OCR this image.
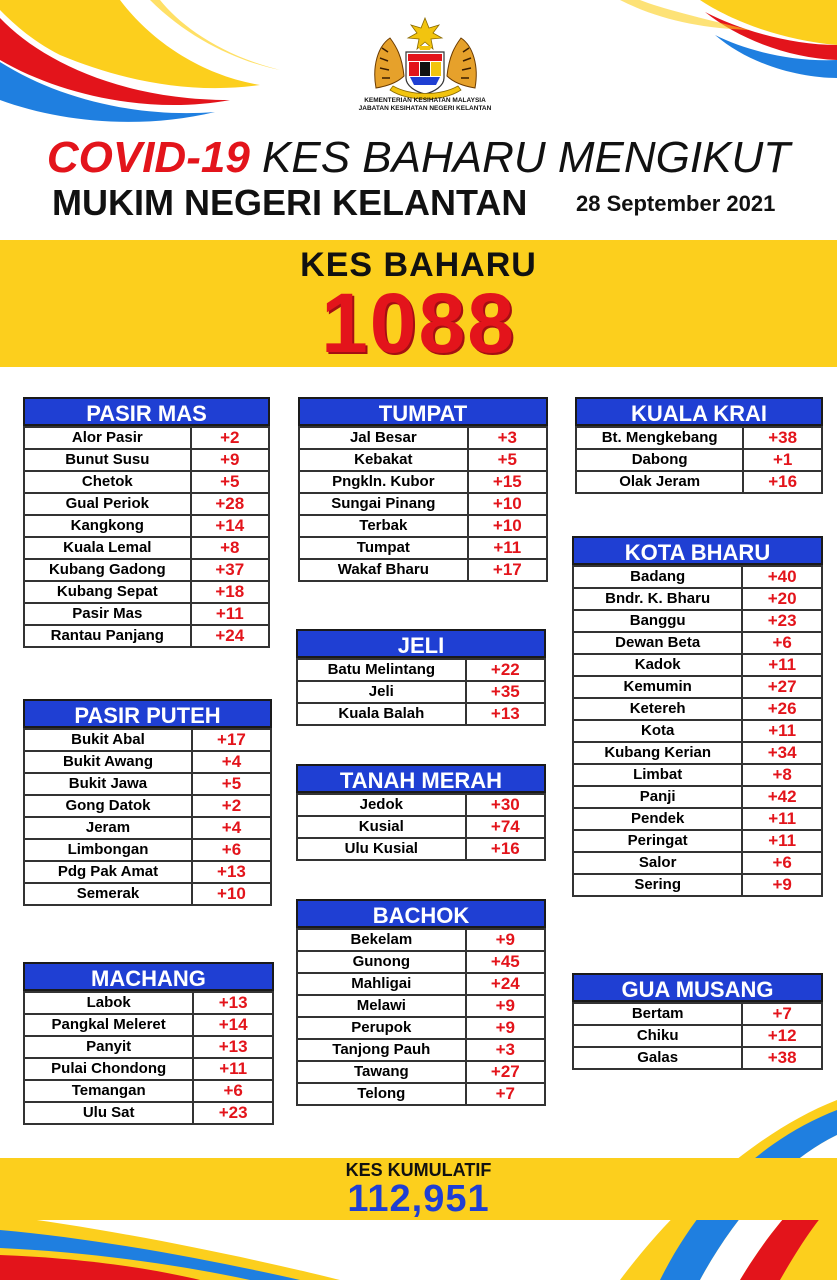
KEMENTERIAN KESIHATAN MALAYSIA
JABATAN KESIHATAN NEGERI KELANTAN
COVID-19 KES BAHARU MENGIKUT
MUKIM NEGERI KELANTAN 28 September 2021
KES BAHARU
1088
PASIR MAS
Alor Pasir	+2
Bunut Susu	+9
Chetok	+5
Gual Periok	+28
Kangkong	+14
Kuala Lemal	+8
Kubang Gadong	+37
Kubang Sepat	+18
Pasir Mas	+11
Rantau Panjang	+24
PASIR PUTEH
Bukit Abal	+17
Bukit Awang	+4
Bukit Jawa	+5
Gong Datok	+2
Jeram	+4
Limbongan	+6
Pdg Pak Amat	+13
Semerak	+10
MACHANG
Labok	+13
Pangkal Meleret	+14
Panyit	+13
Pulai Chondong	+11
Temangan	+6
Ulu Sat	+23
TUMPAT
Jal Besar	+3
Kebakat	+5
Pngkln. Kubor	+15
Sungai Pinang	+10
Terbak	+10
Tumpat	+11
Wakaf Bharu	+17
JELI
Batu Melintang	+22
Jeli	+35
Kuala Balah	+13
TANAH MERAH
Jedok	+30
Kusial	+74
Ulu Kusial	+16
BACHOK
Bekelam	+9
Gunong	+45
Mahligai	+24
Melawi	+9
Perupok	+9
Tanjong Pauh	+3
Tawang	+27
Telong	+7
KUALA KRAI
Bt. Mengkebang	+38
Dabong	+1
Olak Jeram	+16
KOTA BHARU
Badang	+40
Bndr. K. Bharu	+20
Banggu	+23
Dewan Beta	+6
Kadok	+11
Kemumin	+27
Ketereh	+26
Kota	+11
Kubang Kerian	+34
Limbat	+8
Panji	+42
Pendek	+11
Peringat	+11
Salor	+6
Sering	+9
GUA MUSANG
Bertam	+7
Chiku	+12
Galas	+38
KES KUMULATIF
112,951
